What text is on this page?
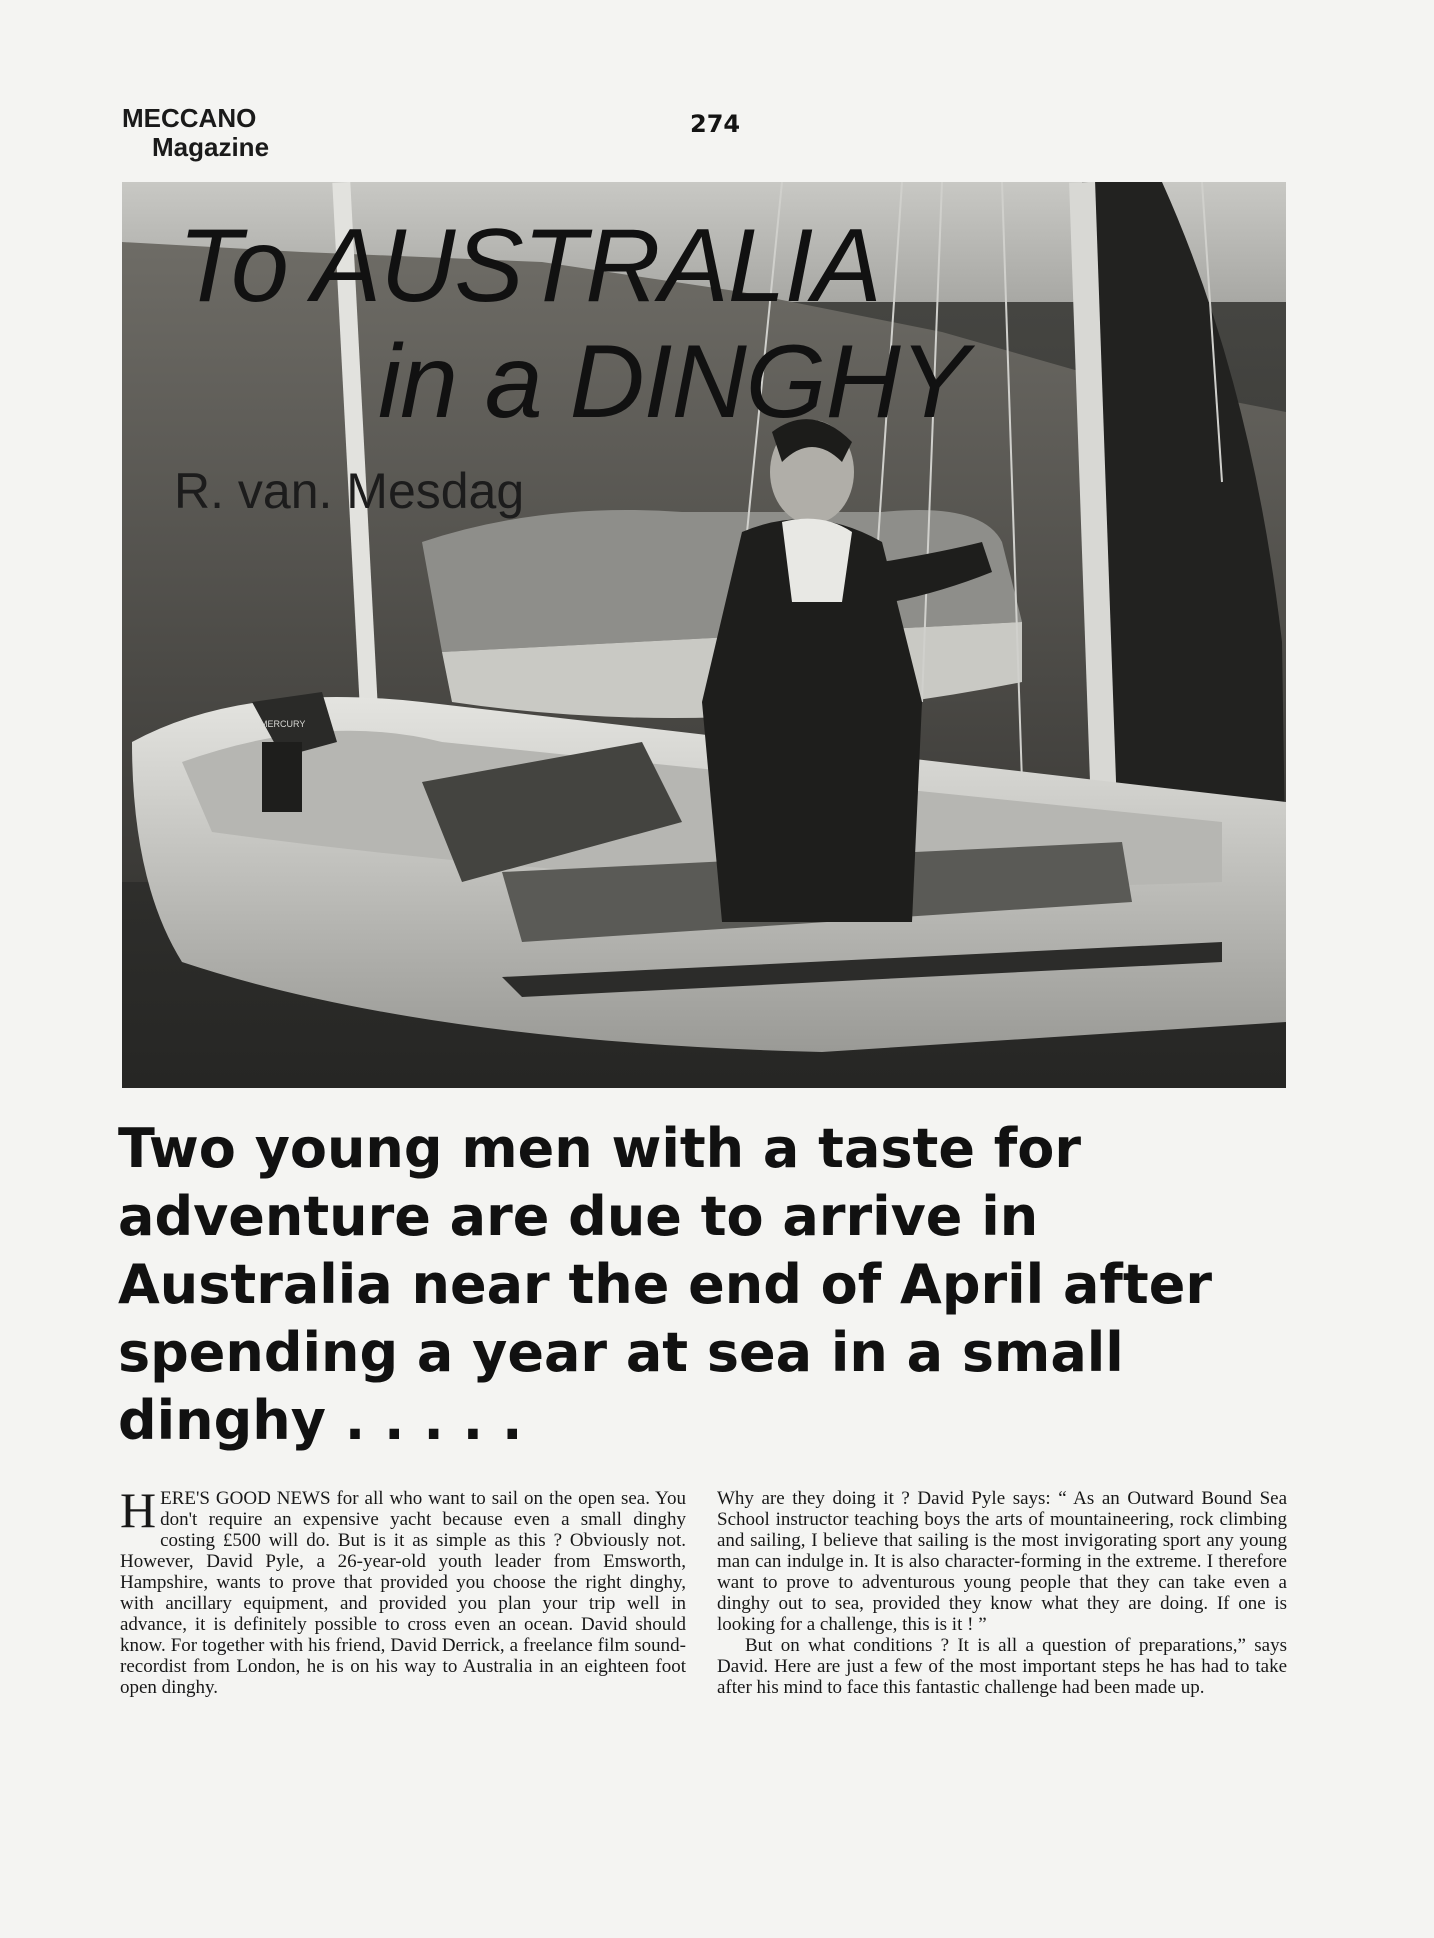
MECCANO
Magazine
274
MERCURY
To AUSTRALIA
in a DINGHY
R. van. Mesdag
Two young men with a taste for adventure are due to arrive in Australia near the end of April after spending a year at sea in a small dinghy . . . . .

HERE'S GOOD NEWS for all who want to sail on the open sea. You don't require an expensive yacht because even a small dinghy costing £500 will do. But is it as simple as this ? Obviously not. However, David Pyle, a 26-year-old youth leader from Emsworth, Hampshire, wants to prove that provided you choose the right dinghy, with ancillary equipment, and provided you plan your trip well in advance, it is definitely possible to cross even an ocean. David should know. For together with his friend, David Derrick, a freelance film sound-recordist from London, he is on his way to Australia in an eighteen foot open dinghy.

Why are they doing it ? David Pyle says: “ As an Outward Bound Sea School instructor teaching boys the arts of mountaineering, rock climbing and sailing, I believe that sailing is the most invigorating sport any young man can indulge in. It is also character-forming in the extreme. I therefore want to prove to adventurous young people that they can take even a dinghy out to sea, provided they know what they are doing. If one is looking for a challenge, this is it ! ”

But on what conditions ? It is all a question of preparations,” says David. Here are just a few of the most important steps he has had to take after his mind to face this fantastic challenge had been made up.
